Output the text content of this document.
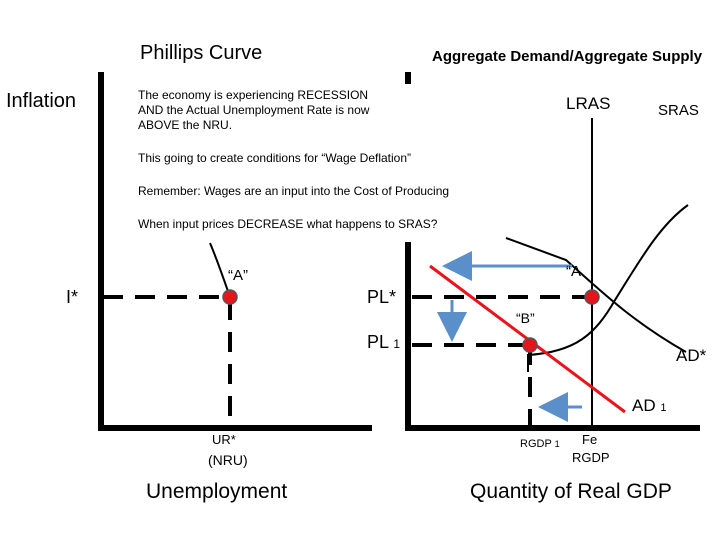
Phillips Curve	Aggregate Demand/Aggregate Supply
Inflation
I*
“A”
UR*
(NRU)
Unemployment
LRAS	SRAS
PL*
PL 1
“A
“B”
AD*
AD 1
RGDP 1 Fe
RGDP
Quantity of Real GDP

The economy is experiencing RECESSION

AND the Actual Unemployment Rate is now

ABOVE the NRU.

This going to create conditions for “Wage Deflation”

Remember: Wages are an input into the Cost of Producing

When input prices DECREASE what happens to SRAS?
